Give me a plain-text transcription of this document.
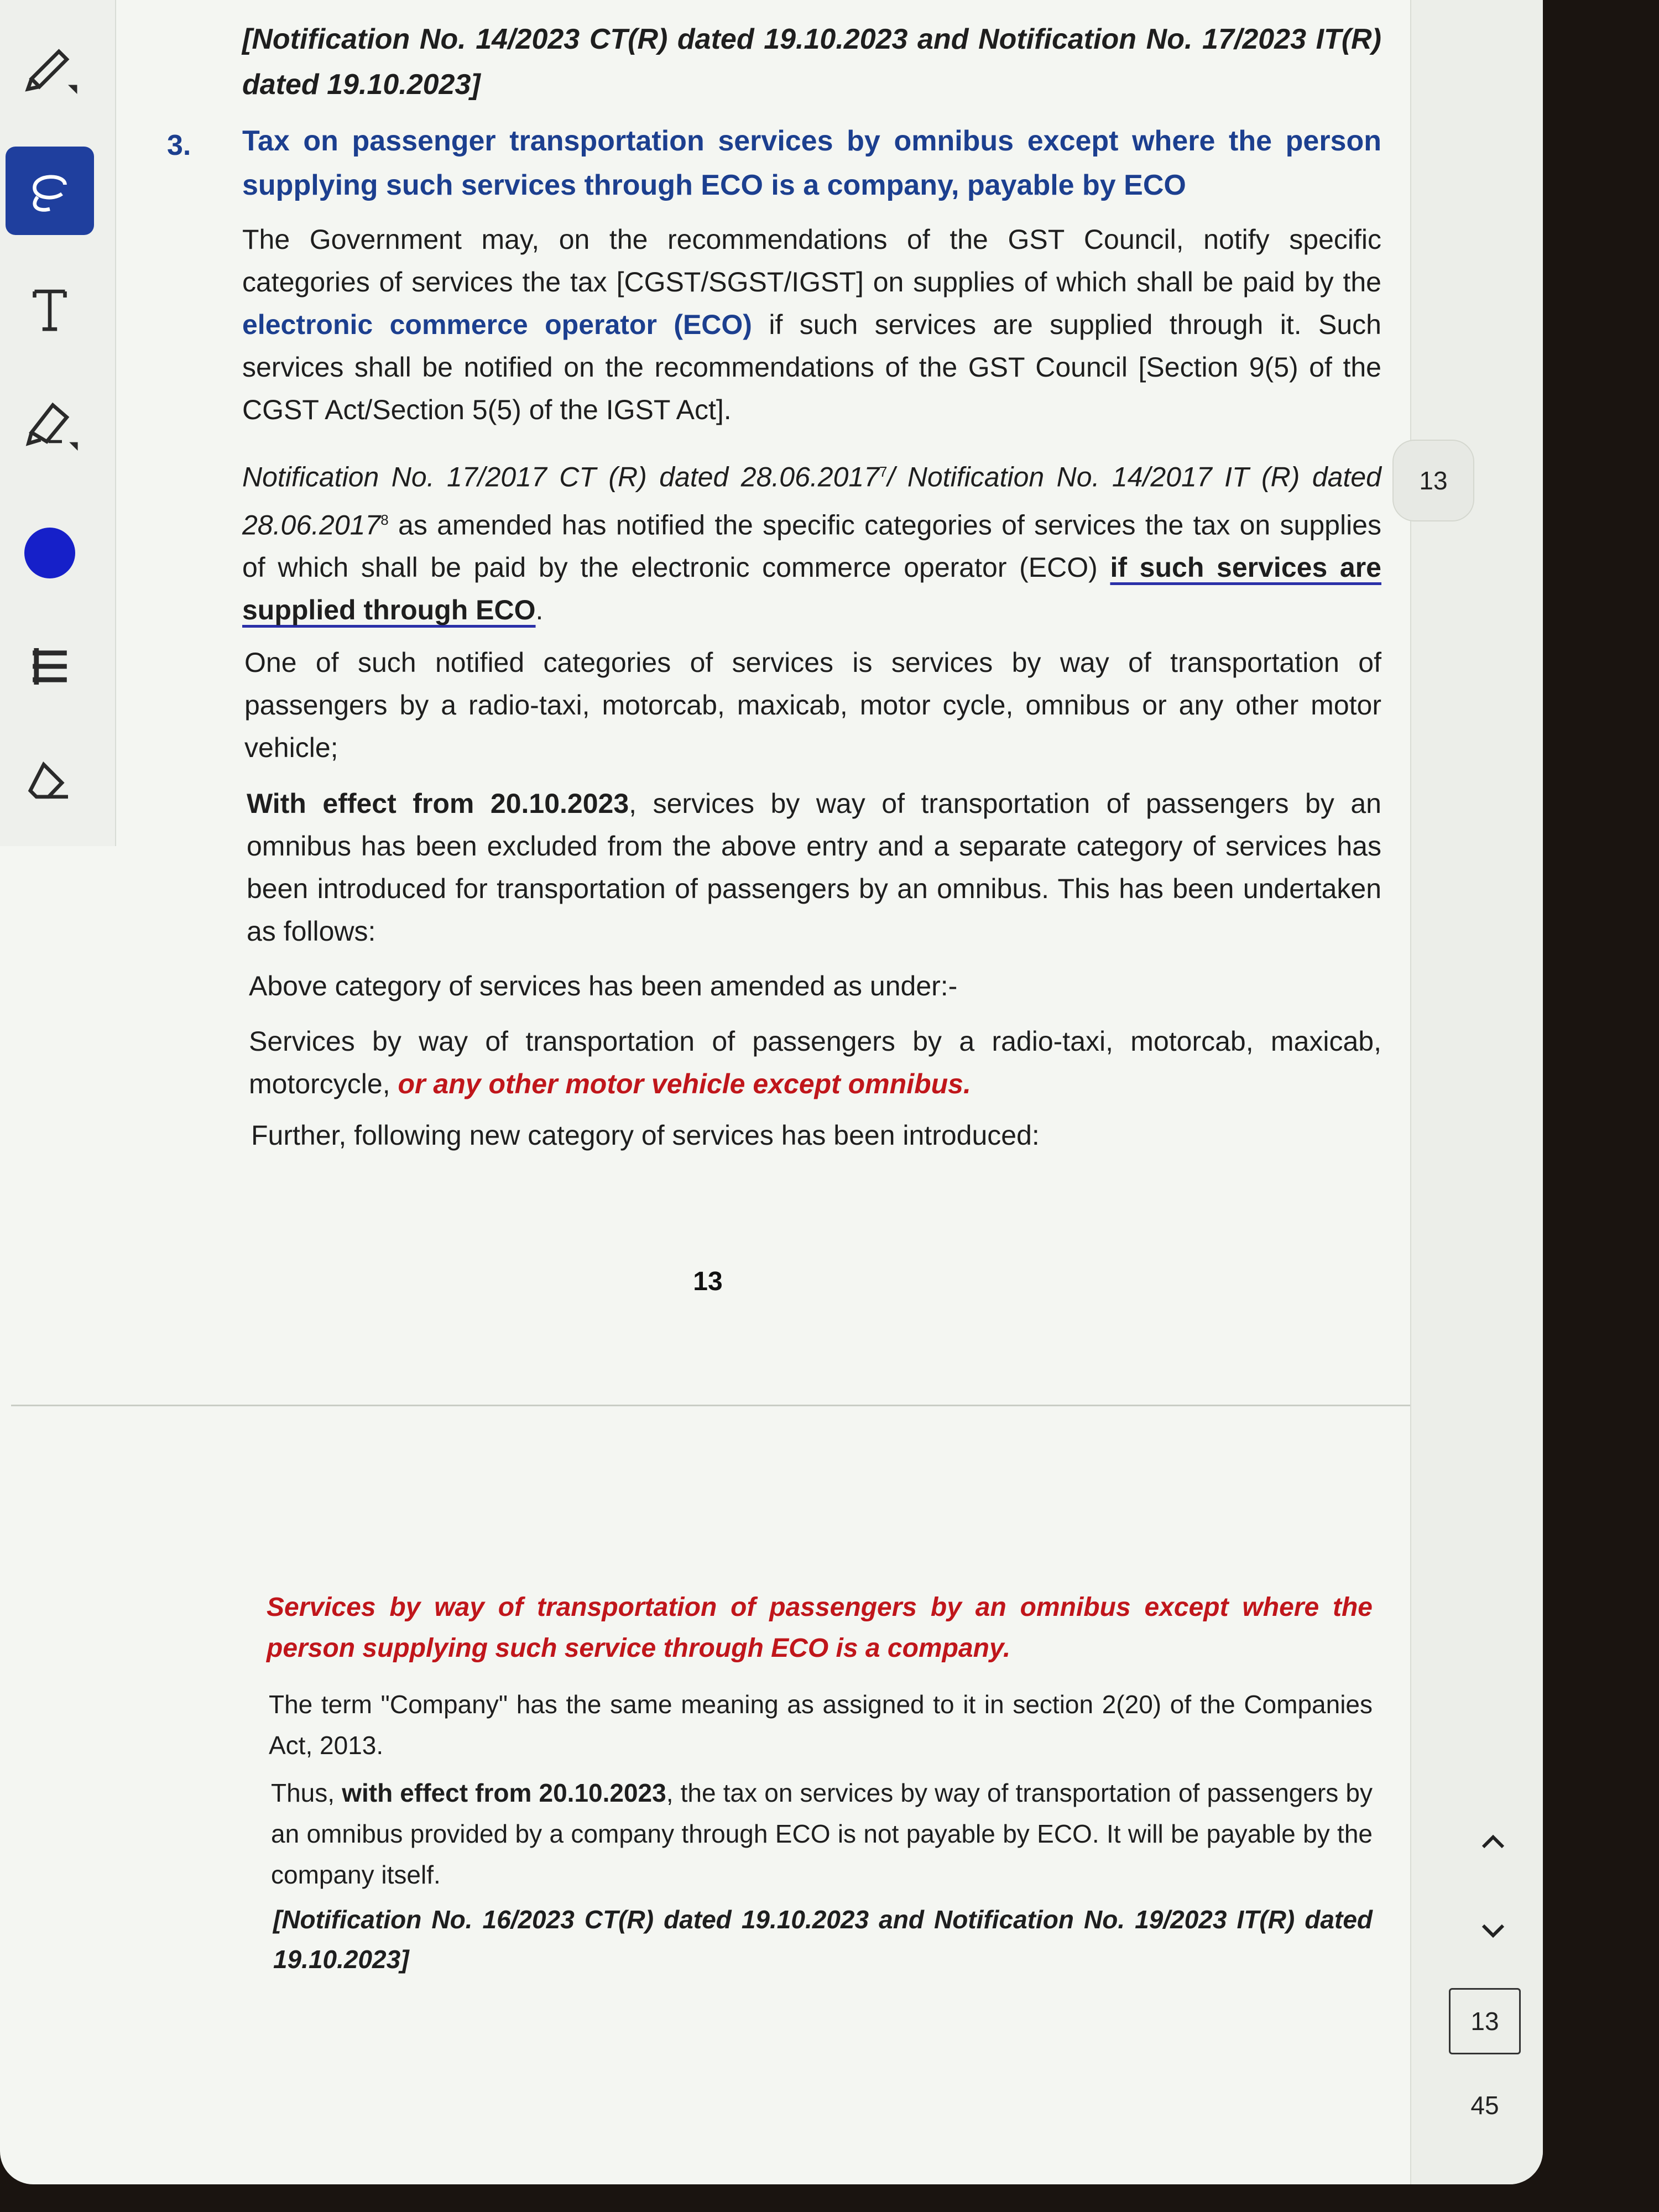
[Notification No. 14/2023 CT(R) dated 19.10.2023 and Notification No. 17/2023 IT(R) dated 19.10.2023]
3.	Tax on passenger transportation services by omnibus except where the person supplying such services through ECO is a company, payable by ECO
The Government may, on the recommendations of the GST Council, notify specific categories of services the tax [CGST/SGST/IGST] on supplies of which shall be paid by the electronic commerce operator (ECO) if such services are supplied through it. Such services shall be notified on the recommendations of the GST Council [Section 9(5) of the CGST Act/Section 5(5) of the IGST Act].
Notification No. 17/2017 CT (R) dated 28.06.2017$^7$/ Notification No. 14/2017 IT (R) dated 28.06.2017$^8$ as amended has notified the specific categories of services the tax on supplies of which shall be paid by the electronic commerce operator (ECO) if such services are supplied through ECO.
One of such notified categories of services is services by way of transportation of passengers by a radio-taxi, motorcab, maxicab, motor cycle, omnibus or any other motor vehicle;
With effect from 20.10.2023, services by way of transportation of passengers by an omnibus has been excluded from the above entry and a separate category of services has been introduced for transportation of passengers by an omnibus. This has been undertaken as follows:
Above category of services has been amended as under:-
Services by way of transportation of passengers by a radio-taxi, motorcab, maxicab, motorcycle, or any other motor vehicle except omnibus.
Further, following new category of services has been introduced:
13
Services by way of transportation of passengers by an omnibus except where the person supplying such service through ECO is a company.
The term "Company" has the same meaning as assigned to it in section 2(20) of the Companies Act, 2013.
Thus, with effect from 20.10.2023, the tax on services by way of transportation of passengers by an omnibus provided by a company through ECO is not payable by ECO. It will be payable by the company itself.
[Notification No. 16/2023 CT(R) dated 19.10.2023 and Notification No. 19/2023 IT(R) dated 19.10.2023]
13
13
45
